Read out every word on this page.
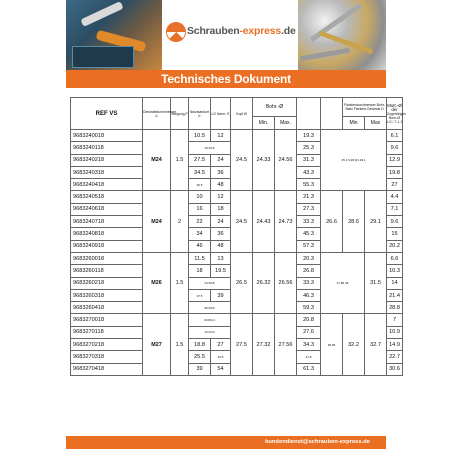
Schrauben-express.de
Technisches Dokument
REF VS	Gewindedurchmesser d	Steigung P	Nutzstandort b	LG Nenn- E	Kopf Ø	Bohr.-Ø				Flankendurchmesser Bohr-Stahl Flanken-Gewinde D		Mutt.-Ø der
Zugehöriges Bohr-Ø LG / 7.1.1
						Min.	Max.			Min	Max	
9683240018	M24	1.5	10.5	12	24.5	24.33	24.56	19.3	25.1 5.28.9/1.29.1			6.1
9683240118			16.5/16					25.3				9.6
9683240218			27.5	24				31.3				12.9
9683240318			34.5	36				43.3				19.8
9683240418			46.5	48				55.3				27
9683240518	M24	2	10	12	24.5	24.43	24.73	21.3	26.6	28.6	29.1	4.4
9683240618			16	18				27.3				7.1
9683240718			22	24				33.3				9.6
9683240818			34	36				45.3				15
9683240918			46	48				57.3				20.2
9683260018	M26	1.5	11.5	13	26.5	26.32	26.56	20.3	27.86 28		31.5	6.6
9683260118			18	19.5				26.8				10.3
9683260218			24.5/26					33.3				14
9683260318			37.5	39				46.3				21.4
9683260418			50.5/52					59.3				28.8
9683270018	M27	1.5	30.8/0.4		27.5	27.32	27.56	20.8	28.95	32.2	32.7	7
9683270118			12.0/13					27.6				10.9
9683270218			18.8	27				34.3				14.9
9683270318			25.5	40.5				47.8				22.7
9683270418			39	54				61.3				30.6
kundendienst@schrauben-express.de
